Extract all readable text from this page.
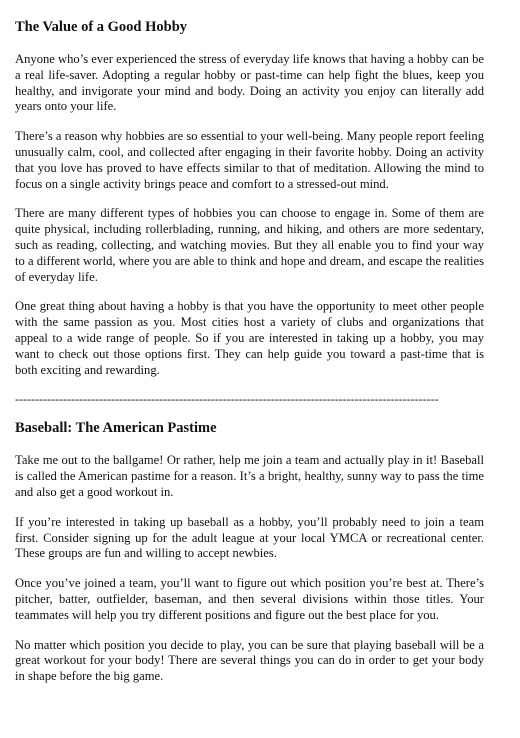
The Value of a Good Hobby

Anyone who’s ever experienced the stress of everyday life knows that having a hobby can be a real life-saver. Adopting a regular hobby or past-time can help fight the blues, keep you healthy, and invigorate your mind and body. Doing an activity you enjoy can literally add years onto your life.

There’s a reason why hobbies are so essential to your well-being. Many people report feeling unusually calm, cool, and collected after engaging in their favorite hobby. Doing an activity that you love has proved to have effects similar to that of meditation. Allowing the mind to focus on a single activity brings peace and comfort to a stressed-out mind.

There are many different types of hobbies you can choose to engage in. Some of them are quite physical, including rollerblading, running, and hiking, and others are more sedentary, such as reading, collecting, and watching movies. But they all enable you to find your way to a different world, where you are able to think and hope and dream, and escape the realities of everyday life.

One great thing about having a hobby is that you have the opportunity to meet other people with the same passion as you. Most cities host a variety of clubs and organizations that appeal to a wide range of people. So if you are interested in taking up a hobby, you may want to check out those options first. They can help guide you toward a past-time that is both exciting and rewarding.

----------------------------------------------------------------------------------------------------------
Baseball: The American Pastime

Take me out to the ballgame! Or rather, help me join a team and actually play in it! Baseball is called the American pastime for a reason. It’s a bright, healthy, sunny way to pass the time and also get a good workout in.

If you’re interested in taking up baseball as a hobby, you’ll probably need to join a team first. Consider signing up for the adult league at your local YMCA or recreational center. These groups are fun and willing to accept newbies.

Once you’ve joined a team, you’ll want to figure out which position you’re best at. There’s pitcher, batter, outfielder, baseman, and then several divisions within those titles. Your teammates will help you try different positions and figure out the best place for you.

No matter which position you decide to play, you can be sure that playing baseball will be a great workout for your body! There are several things you can do in order to get your body in shape before the big game.
